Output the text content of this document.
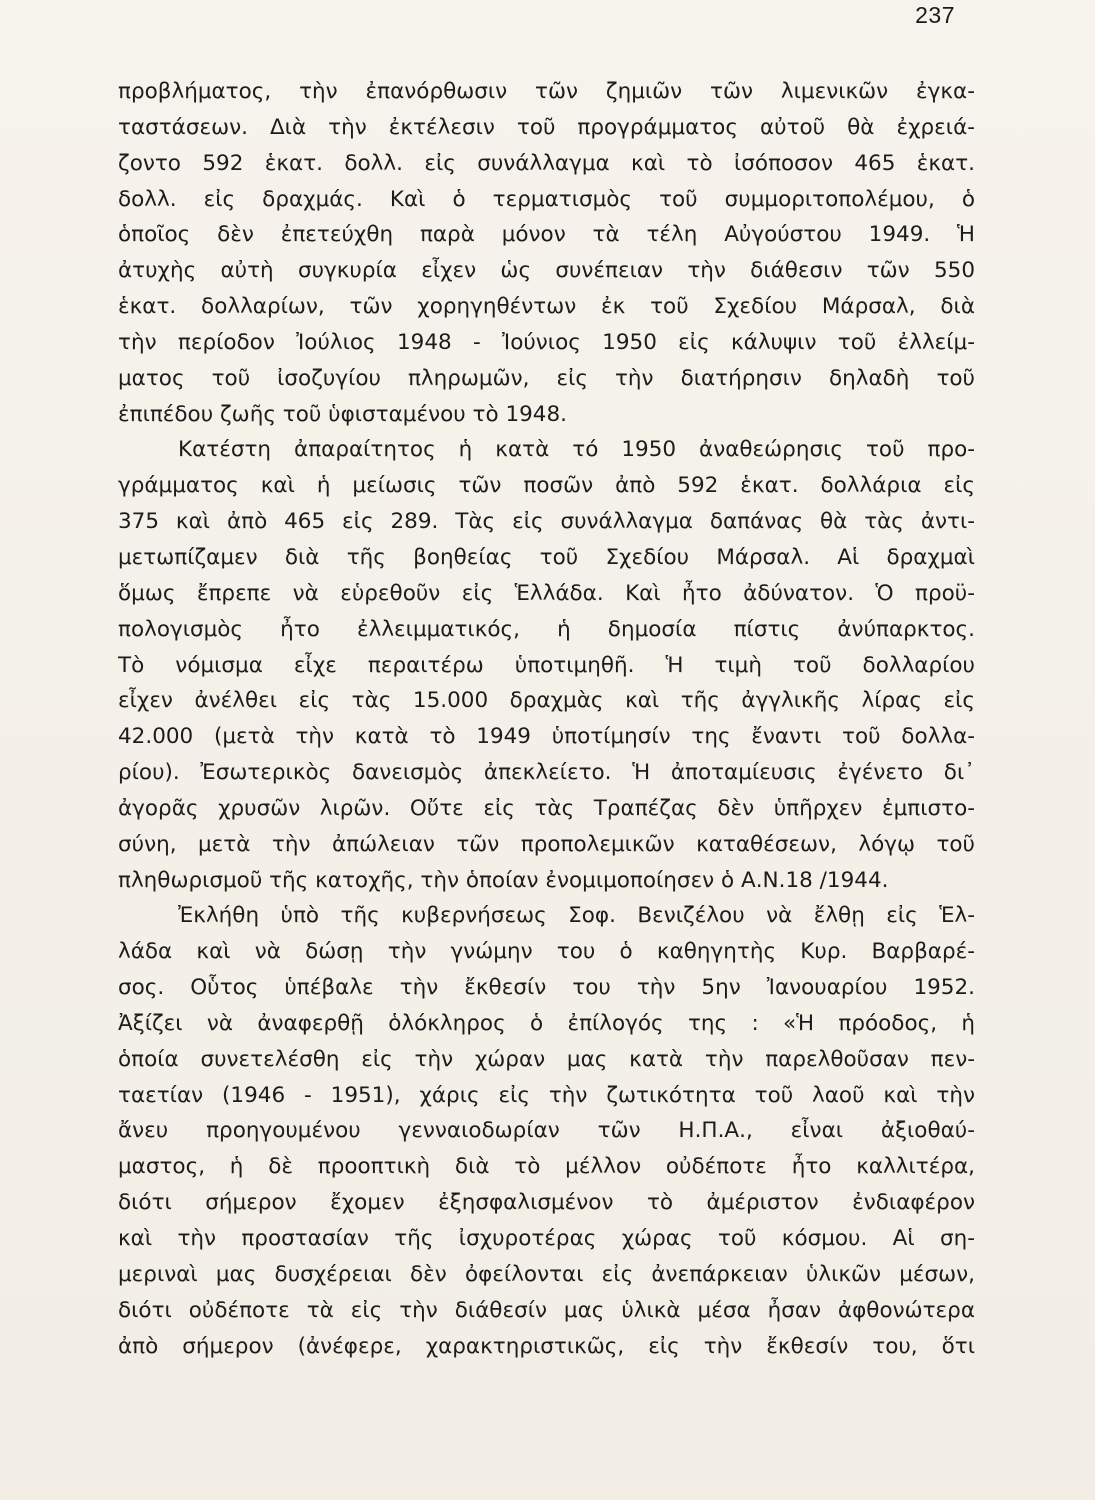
237
προβλήματος, τὴν ἐπανόρθωσιν τῶν ζημιῶν τῶν λιμενικῶν ἐγκα-
ταστάσεων. Διὰ τὴν ἐκτέλεσιν τοῦ προγράμματος αὐτοῦ θὰ ἐχρειά-
ζοντο 592 ἑκατ. δολλ. εἰς συνάλλαγμα καὶ τὸ ἰσόποσον 465 ἑκατ.
δολλ. εἰς δραχμάς. Καὶ ὁ τερματισμὸς τοῦ συμμοριτοπολέμου, ὁ
ὁποῖος δὲν ἐπετεύχθη παρὰ μόνον τὰ τέλη Αὐγούστου 1949. Ἡ
ἀτυχὴς αὐτὴ συγκυρία εἶχεν ὡς συνέπειαν τὴν διάθεσιν τῶν 550
ἑκατ. δολλαρίων, τῶν χορηγηθέντων ἐκ τοῦ Σχεδίου Μάρσαλ, διὰ
τὴν περίοδον Ἰούλιος 1948 - Ἰούνιος 1950 εἰς κάλυψιν τοῦ ἐλλείμ-
ματος τοῦ ἰσοζυγίου πληρωμῶν, εἰς τὴν διατήρησιν δηλαδὴ τοῦ
ἐπιπέδου ζωῆς τοῦ ὑφισταμένου τὸ 1948.
Κατέστη ἀπαραίτητος ἡ κατὰ τό 1950 ἀναθεώρησις τοῦ προ-
γράμματος καὶ ἡ μείωσις τῶν ποσῶν ἀπὸ 592 ἑκατ. δολλάρια εἰς
375 καὶ ἀπὸ 465 εἰς 289. Τὰς εἰς συνάλλαγμα δαπάνας θὰ τὰς ἀντι-
μετωπίζαμεν διὰ τῆς βοηθείας τοῦ Σχεδίου Μάρσαλ. Αἱ δραχμαὶ
ὅμως ἔπρεπε νὰ εὑρεθοῦν εἰς Ἑλλάδα. Καὶ ἦτο ἀδύνατον. Ὁ προϋ-
πολογισμὸς ἦτο ἐλλειμματικός, ἡ δημοσία πίστις ἀνύπαρκτος.
Τὸ νόμισμα εἶχε περαιτέρω ὑποτιμηθῆ. Ἡ τιμὴ τοῦ δολλαρίου
εἶχεν ἀνέλθει εἰς τὰς 15.000 δραχμὰς καὶ τῆς ἀγγλικῆς λίρας εἰς
42.000 (μετὰ τὴν κατὰ τὸ 1949 ὑποτίμησίν της ἔναντι τοῦ δολλα-
ρίου). Ἐσωτερικὸς δανεισμὸς ἀπεκλείετο. Ἡ ἀποταμίευσις ἐγένετο δι᾿
ἀγορᾶς χρυσῶν λιρῶν. Οὔτε εἰς τὰς Τραπέζας δὲν ὑπῆρχεν ἐμπιστο-
σύνη, μετὰ τὴν ἀπώλειαν τῶν προπολεμικῶν καταθέσεων, λόγῳ τοῦ
πληθωρισμοῦ τῆς κατοχῆς, τὴν ὁποίαν ἐνομιμοποίησεν ὁ Α.Ν.18 /1944.
Ἐκλήθη ὑπὸ τῆς κυβερνήσεως Σοφ. Βενιζέλου νὰ ἔλθῃ εἰς Ἑλ-
λάδα καὶ νὰ δώσῃ τὴν γνώμην του ὁ καθηγητὴς Κυρ. Βαρβαρέ-
σος. Οὗτος ὑπέβαλε τὴν ἔκθεσίν του τὴν 5ην Ἰανουαρίου 1952.
Ἀξίζει νὰ ἀναφερθῇ ὁλόκληρος ὁ ἐπίλογός της : «Ἡ πρόοδος, ἡ
ὁποία συνετελέσθη εἰς τὴν χώραν μας κατὰ τὴν παρελθοῦσαν πεν-
ταετίαν (1946 - 1951), χάρις εἰς τὴν ζωτικότητα τοῦ λαοῦ καὶ τὴν
ἄνευ προηγουμένου γενναιοδωρίαν τῶν Η.Π.Α., εἶναι ἀξιοθαύ-
μαστος, ἡ δὲ προοπτικὴ διὰ τὸ μέλλον οὐδέποτε ἦτο καλλιτέρα,
διότι σήμερον ἔχομεν ἐξησφαλισμένον τὸ ἀμέριστον ἐνδιαφέρον
καὶ τὴν προστασίαν τῆς ἰσχυροτέρας χώρας τοῦ κόσμου. Αἱ ση-
μεριναὶ μας δυσχέρειαι δὲν ὀφείλονται εἰς ἀνεπάρκειαν ὑλικῶν μέσων,
διότι οὐδέποτε τὰ εἰς τὴν διάθεσίν μας ὑλικὰ μέσα ἦσαν ἀφθονώτερα
ἀπὸ σήμερον (ἀνέφερε, χαρακτηριστικῶς, εἰς τὴν ἔκθεσίν του, ὅτι
